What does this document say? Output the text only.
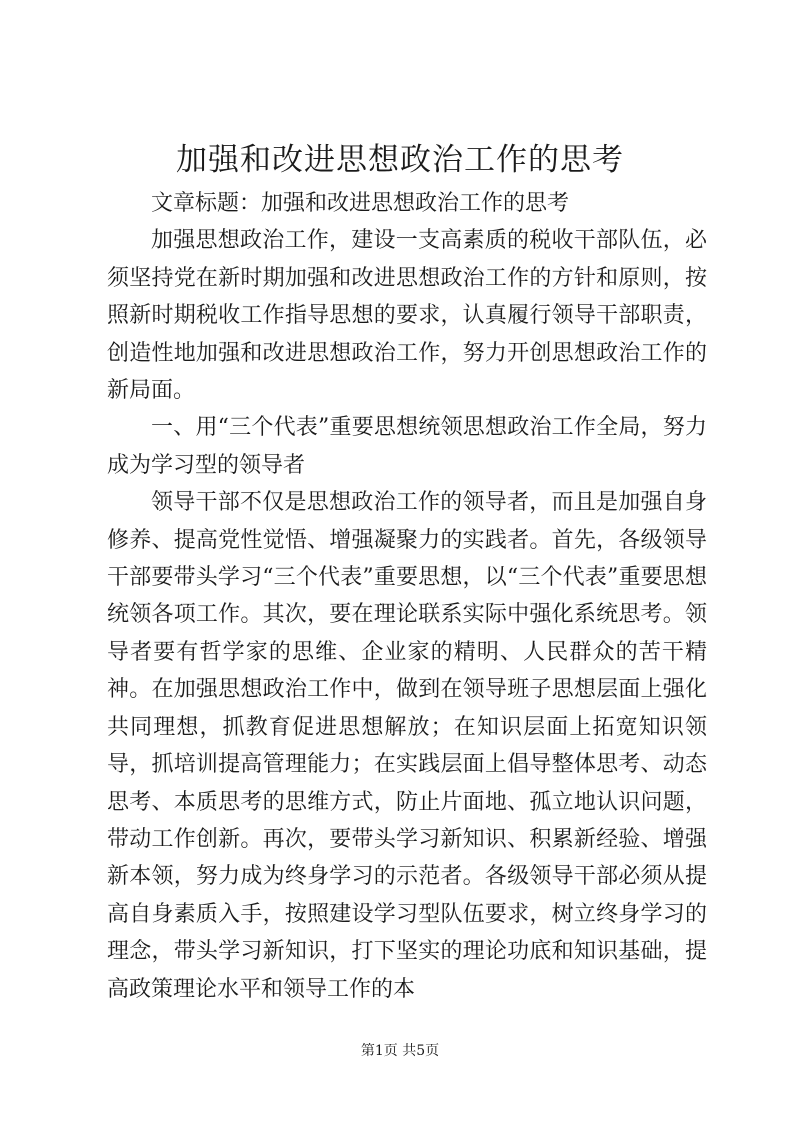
加强和改进思想政治工作的思考

文章标题：加强和改进思想政治工作的思考

加强思想政治工作，建设一支高素质的税收干部队伍，必须坚持党在新时期加强和改进思想政治工作的方针和原则，按照新时期税收工作指导思想的要求，认真履行领导干部职责，创造性地加强和改进思想政治工作，努力开创思想政治工作的新局面。

一、用“三个代表”重要思想统领思想政治工作全局，努力成为学习型的领导者

领导干部不仅是思想政治工作的领导者，而且是加强自身修养、提高党性觉悟、增强凝聚力的实践者。首先，各级领导干部要带头学习“三个代表”重要思想，以“三个代表”重要思想统领各项工作。其次，要在理论联系实际中强化系统思考。领导者要有哲学家的思维、企业家的精明、人民群众的苦干精神。在加强思想政治工作中，做到在领导班子思想层面上强化共同理想，抓教育促进思想解放；在知识层面上拓宽知识领导，抓培训提高管理能力；在实践层面上倡导整体思考、动态思考、本质思考的思维方式，防止片面地、孤立地认识问题，带动工作创新。再次，要带头学习新知识、积累新经验、增强新本领，努力成为终身学习的示范者。各级领导干部必须从提高自身素质入手，按照建设学习型队伍要求，树立终身学习的理念，带头学习新知识，打下坚实的理论功底和知识基础，提高政策理论水平和领导工作的本

第1页 共5页
